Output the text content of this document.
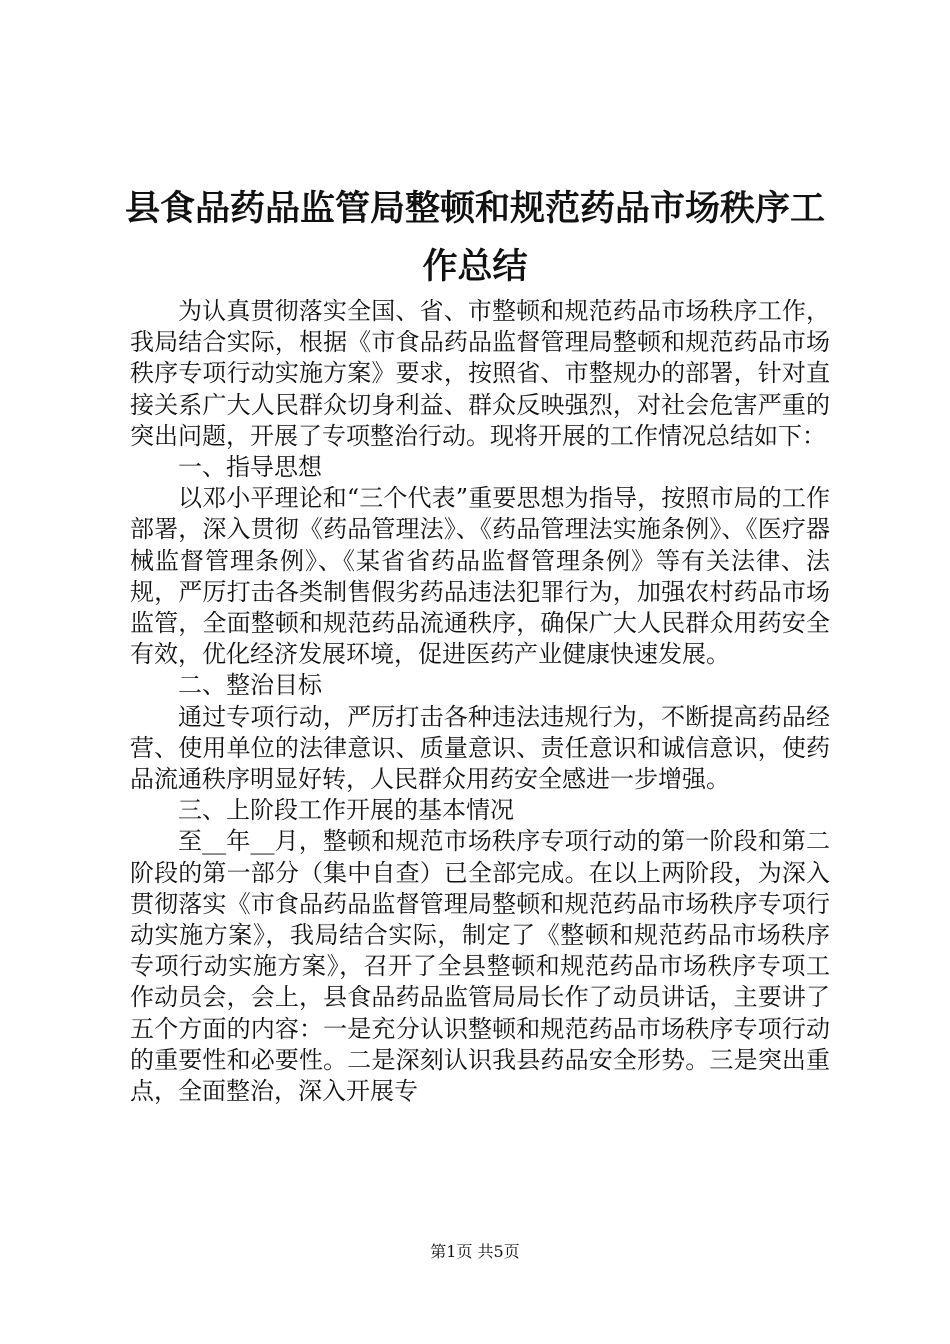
县食品药品监管局整顿和规范药品市场秩序工作总结

为认真贯彻落实全国、省、市整顿和规范药品市场秩序工作，我局结合实际，根据《市食品药品监督管理局整顿和规范药品市场秩序专项行动实施方案》要求，按照省、市整规办的部署，针对直接关系广大人民群众切身利益、群众反映强烈，对社会危害严重的突出问题，开展了专项整治行动。现将开展的工作情况总结如下：

一、指导思想

以邓小平理论和“三个代表”重要思想为指导，按照市局的工作部署，深入贯彻《药品管理法》、《药品管理法实施条例》、《医疗器械监督管理条例》、《某省省药品监督管理条例》等有关法律、法规，严厉打击各类制售假劣药品违法犯罪行为，加强农村药品市场监管，全面整顿和规范药品流通秩序，确保广大人民群众用药安全有效，优化经济发展环境，促进医药产业健康快速发展。

二、整治目标

通过专项行动，严厉打击各种违法违规行为，不断提高药品经营、使用单位的法律意识、质量意识、责任意识和诚信意识，使药品流通秩序明显好转，人民群众用药安全感进一步增强。

三、上阶段工作开展的基本情况

至__年__月，整顿和规范市场秩序专项行动的第一阶段和第二阶段的第一部分（集中自查）已全部完成。在以上两阶段，为深入贯彻落实《市食品药品监督管理局整顿和规范药品市场秩序专项行动实施方案》，我局结合实际，制定了《整顿和规范药品市场秩序专项行动实施方案》，召开了全县整顿和规范药品市场秩序专项工作动员会，会上，县食品药品监管局局长作了动员讲话，主要讲了五个方面的内容：一是充分认识整顿和规范药品市场秩序专项行动的重要性和必要性。二是深刻认识我县药品安全形势。三是突出重点，全面整治，深入开展专

第1页 共5页
